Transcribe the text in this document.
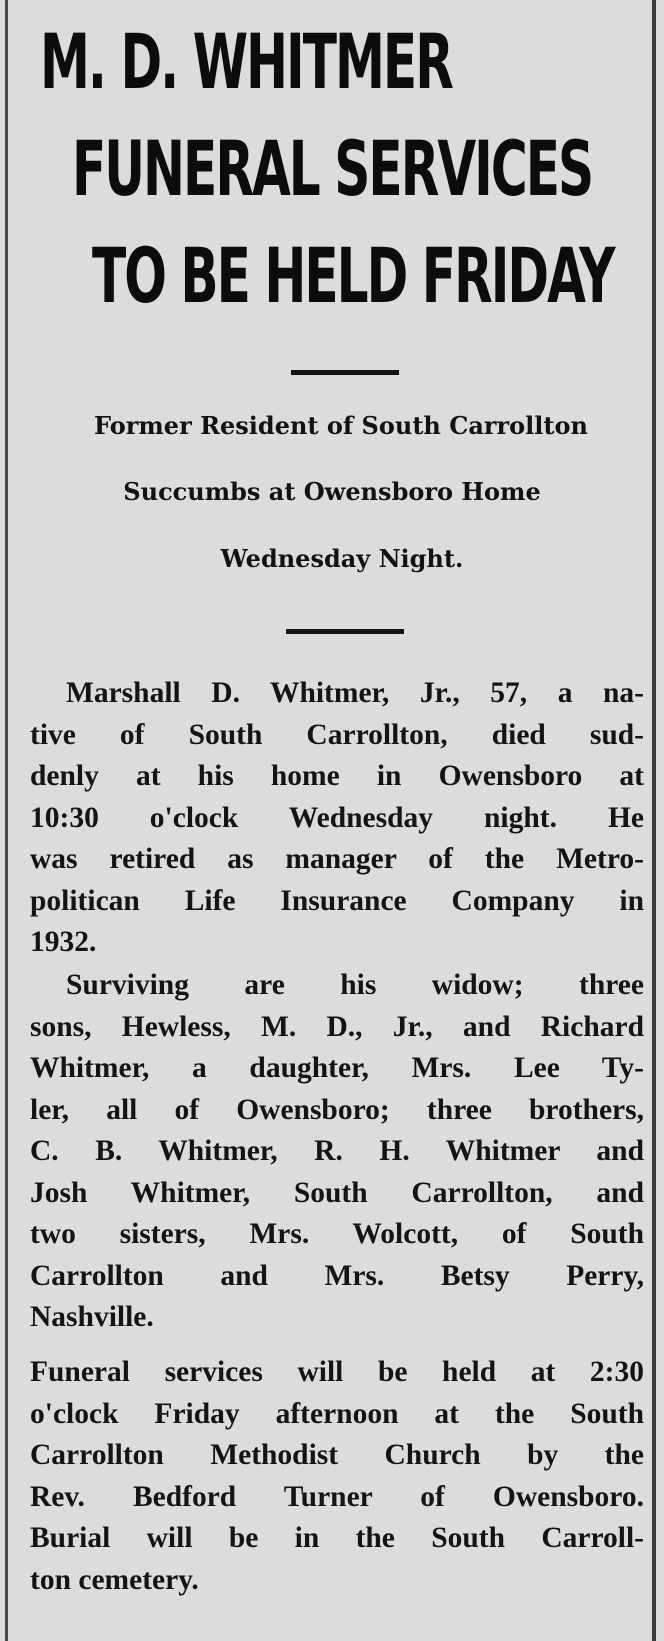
M. D. WHITMER
FUNERAL SERVICES
TO BE HELD FRIDAY
Former Resident of South Carrollton
Succumbs at Owensboro Home
Wednesday Night.
Marshall D. Whitmer, Jr., 57, a na-
tive of South Carrollton, died sud-
denly at his home in Owensboro at
10:30 o'clock Wednesday night. He
was retired as manager of the Metro-
politican Life Insurance Company in
1932.
Surviving are his widow; three
sons, Hewless, M. D., Jr., and Richard
Whitmer, a daughter, Mrs. Lee Ty-
ler, all of Owensboro; three brothers,
C. B. Whitmer, R. H. Whitmer and
Josh Whitmer, South Carrollton, and
two sisters, Mrs. Wolcott, of South
Carrollton and Mrs. Betsy Perry,
Nashville.
Funeral services will be held at 2:30
o'clock Friday afternoon at the South
Carrollton Methodist Church by the
Rev. Bedford Turner of Owensboro.
Burial will be in the South Carroll-
ton cemetery.
